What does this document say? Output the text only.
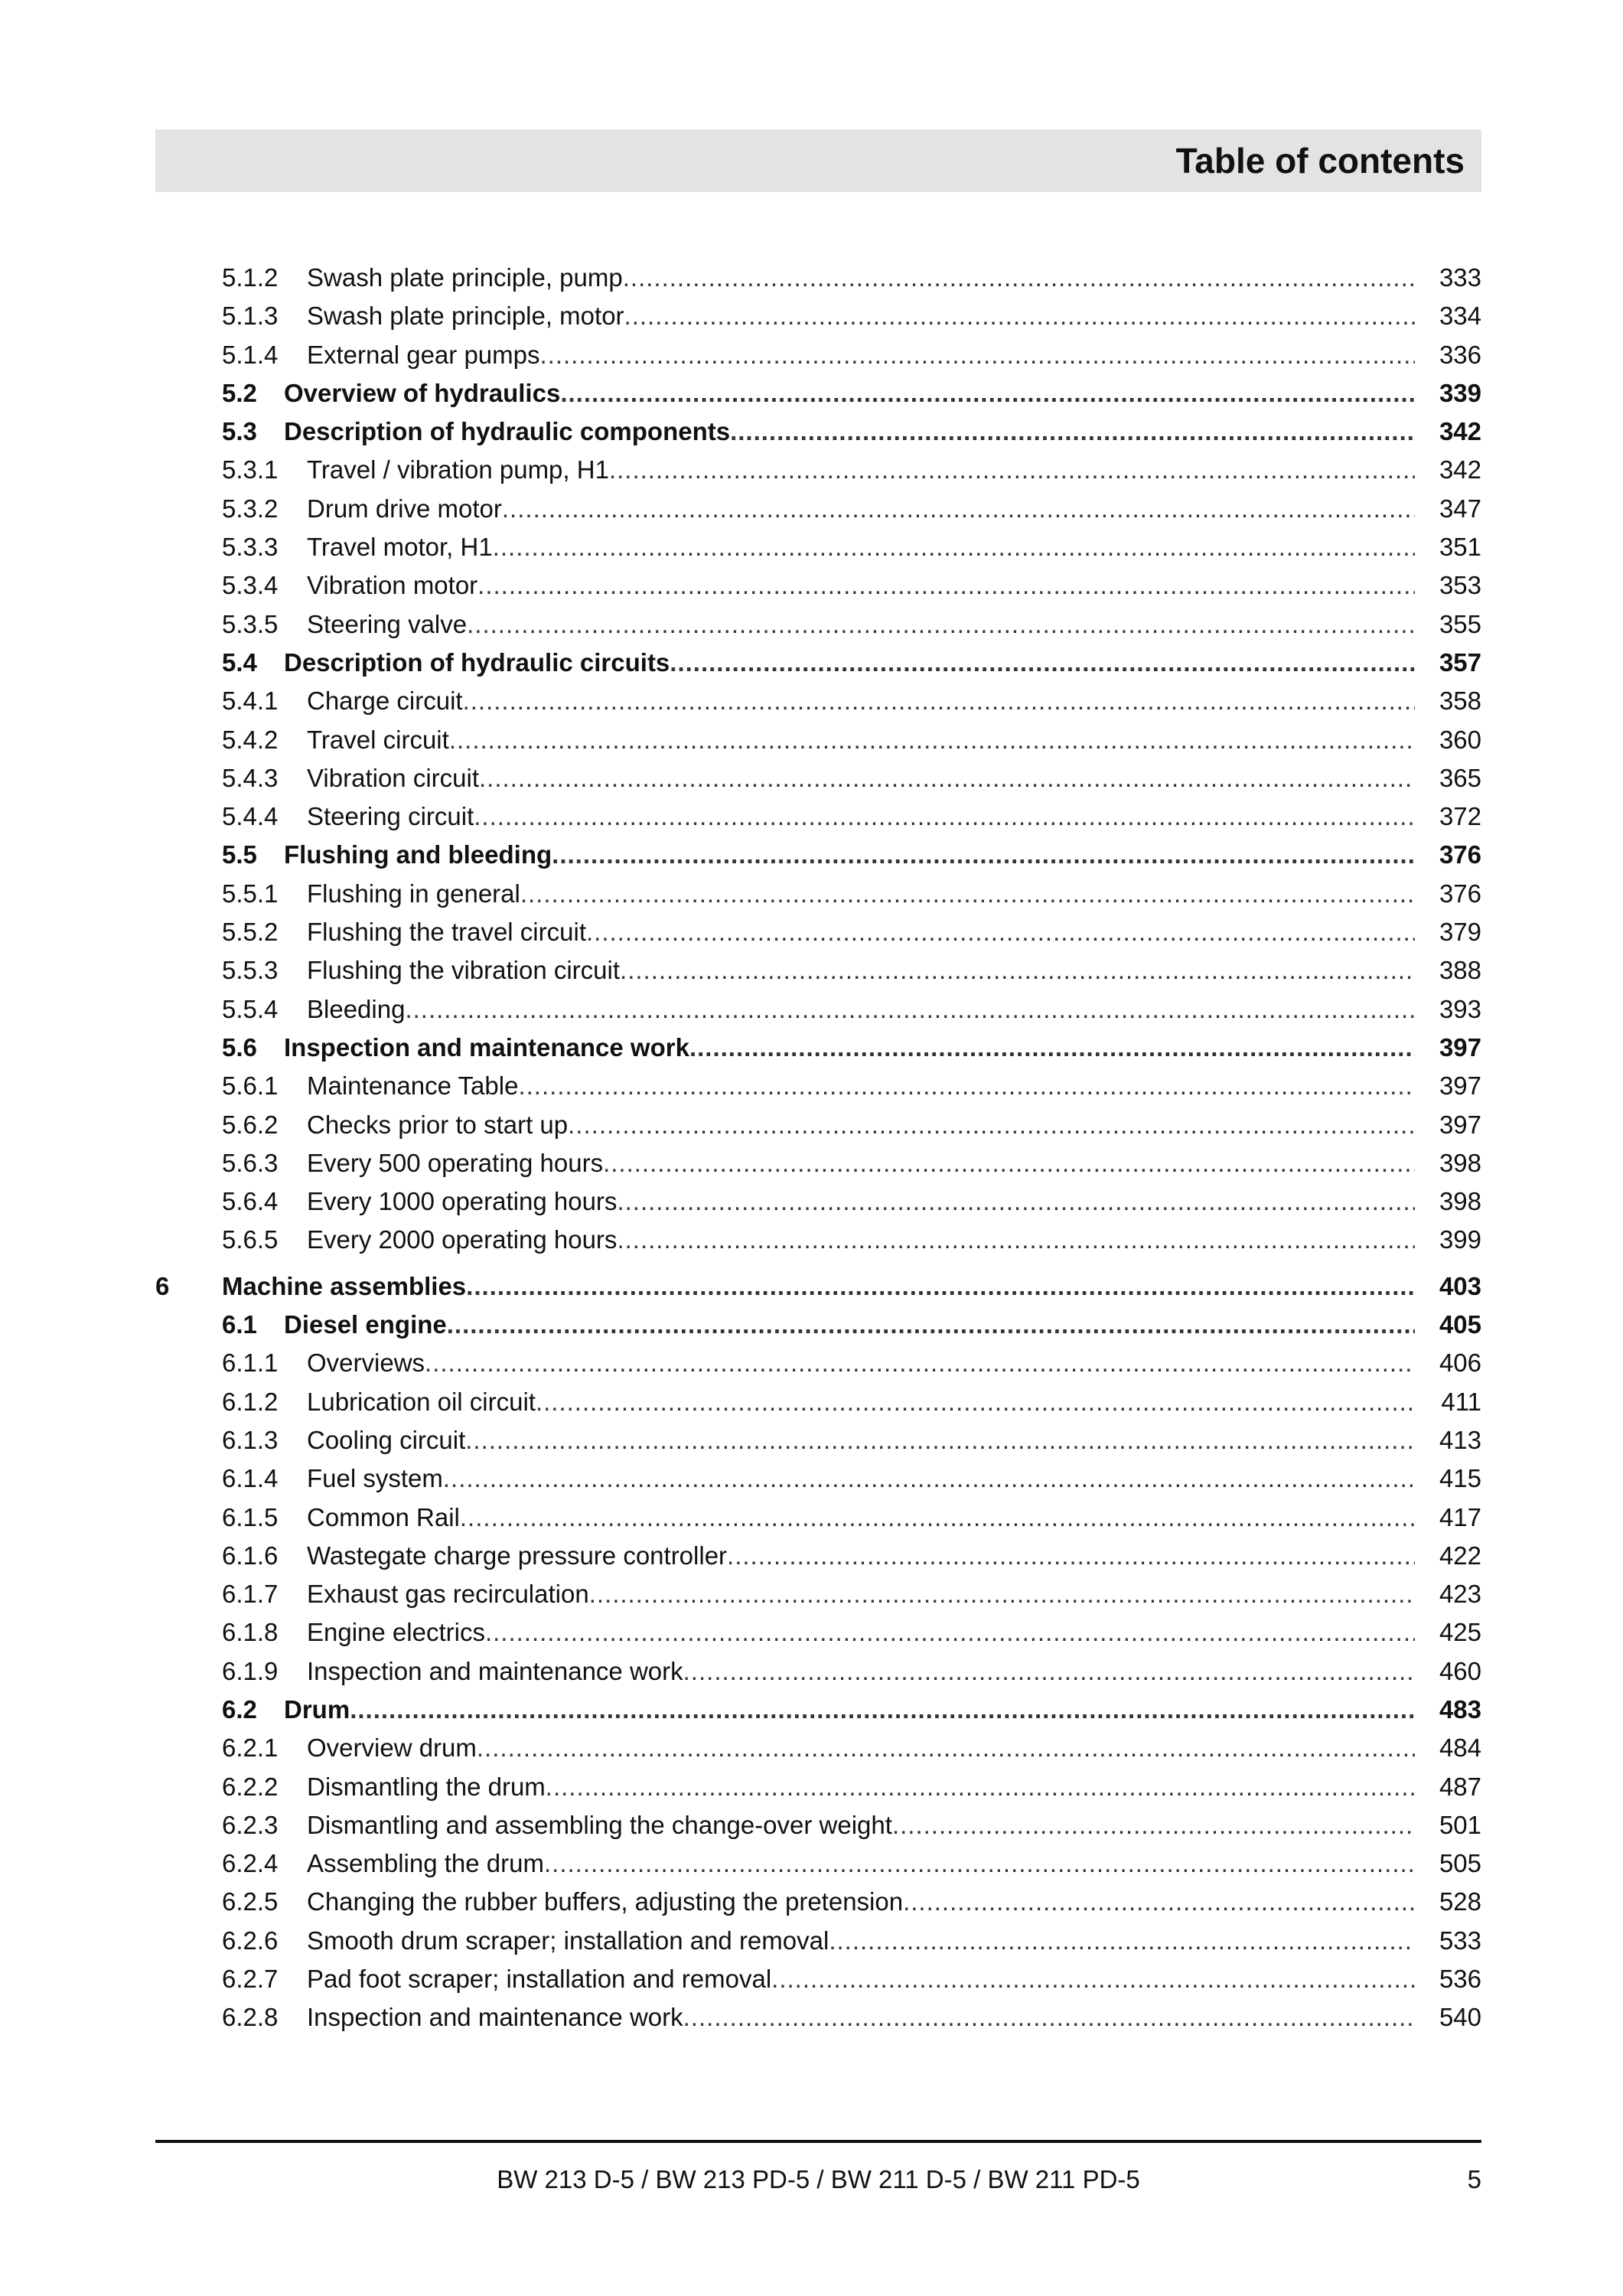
Table of contents
5.1.2 Swash plate principle, pump .....	333
5.1.3 Swash plate principle, motor .....	334
5.1.4 External gear pumps .....	336
5.2 Overview of hydraulics .....	339
5.3 Description of hydraulic components .....	342
5.3.1 Travel / vibration pump, H1 .....	342
5.3.2 Drum drive motor .....	347
5.3.3 Travel motor, H1 .....	351
5.3.4 Vibration motor .....	353
5.3.5 Steering valve .....	355
5.4 Description of hydraulic circuits .....	357
5.4.1 Charge circuit .....	358
5.4.2 Travel circuit .....	360
5.4.3 Vibration circuit .....	365
5.4.4 Steering circuit .....	372
5.5 Flushing and bleeding .....	376
5.5.1 Flushing in general .....	376
5.5.2 Flushing the travel circuit .....	379
5.5.3 Flushing the vibration circuit .....	388
5.5.4 Bleeding .....	393
5.6 Inspection and maintenance work .....	397
5.6.1 Maintenance Table .....	397
5.6.2 Checks prior to start up .....	397
5.6.3 Every 500 operating hours .....	398
5.6.4 Every 1000 operating hours .....	398
5.6.5 Every 2000 operating hours .....	399
6 Machine assemblies .....	403
6.1 Diesel engine .....	405
6.1.1 Overviews .....	406
6.1.2 Lubrication oil circuit .....	411
6.1.3 Cooling circuit .....	413
6.1.4 Fuel system .....	415
6.1.5 Common Rail .....	417
6.1.6 Wastegate charge pressure controller .....	422
6.1.7 Exhaust gas recirculation .....	423
6.1.8 Engine electrics .....	425
6.1.9 Inspection and maintenance work .....	460
6.2 Drum .....	483
6.2.1 Overview drum .....	484
6.2.2 Dismantling the drum .....	487
6.2.3 Dismantling and assembling the change-over weight .....	501
6.2.4 Assembling the drum .....	505
6.2.5 Changing the rubber buffers, adjusting the pretension .....	528
6.2.6 Smooth drum scraper; installation and removal .....	533
6.2.7 Pad foot scraper; installation and removal .....	536
6.2.8 Inspection and maintenance work .....	540
BW 213 D-5 / BW 213 PD-5 / BW 211 D-5 / BW 211 PD-5	5
